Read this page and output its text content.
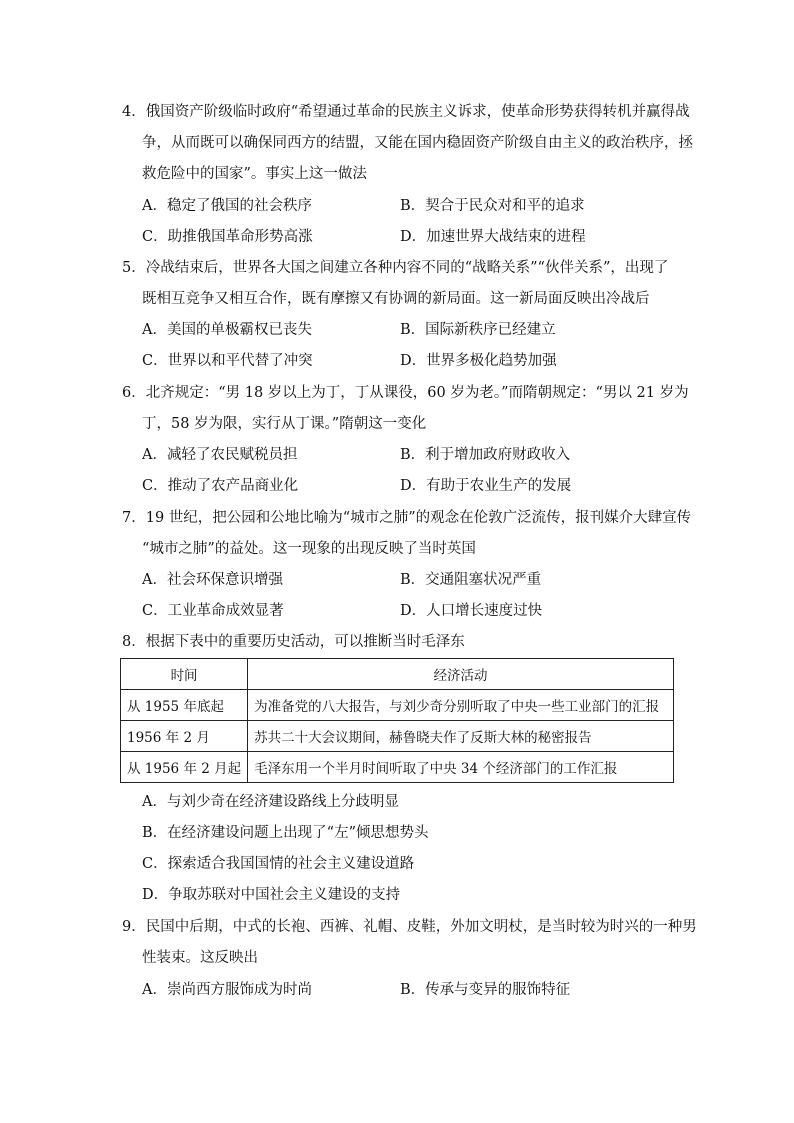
4．俄国资产阶级临时政府“希望通过革命的民族主义诉求，使革命形势获得转机并赢得战
争，从而既可以确保同西方的结盟，又能在国内稳固资产阶级自由主义的政治秩序，拯
救危险中的国家”。事实上这一做法
A．稳定了俄国的社会秩序	B．契合于民众对和平的追求
C．助推俄国革命形势高涨	D．加速世界大战结束的进程
5．冷战结束后，世界各大国之间建立各种内容不同的“战略关系”“伙伴关系”，出现了
既相互竞争又相互合作，既有摩擦又有协调的新局面。这一新局面反映出冷战后
A．美国的单极霸权已丧失	B．国际新秩序已经建立
C．世界以和平代替了冲突	D．世界多极化趋势加强
6．北齐规定：“男 18 岁以上为丁，丁从课役，60 岁为老。”而隋朝规定：“男以 21 岁为
丁，58 岁为限，实行从丁课。”隋朝这一变化
A．减轻了农民赋税员担	B．利于增加政府财政收入
C．推动了农产品商业化	D．有助于农业生产的发展
7．19 世纪，把公园和公地比喻为“城市之肺”的观念在伦敦广泛流传，报刊媒介大肆宣传
“城市之肺”的益处。这一现象的出现反映了当时英国
A．社会环保意识增强	B．交通阻塞状况严重
C．工业革命成效显著	D．人口增长速度过快
8．根据下表中的重要历史活动，可以推断当时毛泽东
时间	经济活动
从 1955 年底起	为准备党的八大报告，与刘少奇分别听取了中央一些工业部门的汇报
1956 年 2 月	苏共二十大会议期间，赫鲁晓夫作了反斯大林的秘密报告
从 1956 年 2 月起	毛泽东用一个半月时间听取了中央 34 个经济部门的工作汇报
A．与刘少奇在经济建设路线上分歧明显
B．在经济建设问题上出现了“左”倾思想势头
C．探索适合我国国情的社会主义建设道路
D．争取苏联对中国社会主义建设的支持
9．民国中后期，中式的长袍、西裤、礼帽、皮鞋，外加文明杖，是当时较为时兴的一种男
性装束。这反映出
A．崇尚西方服饰成为时尚	B．传承与变异的服饰特征
